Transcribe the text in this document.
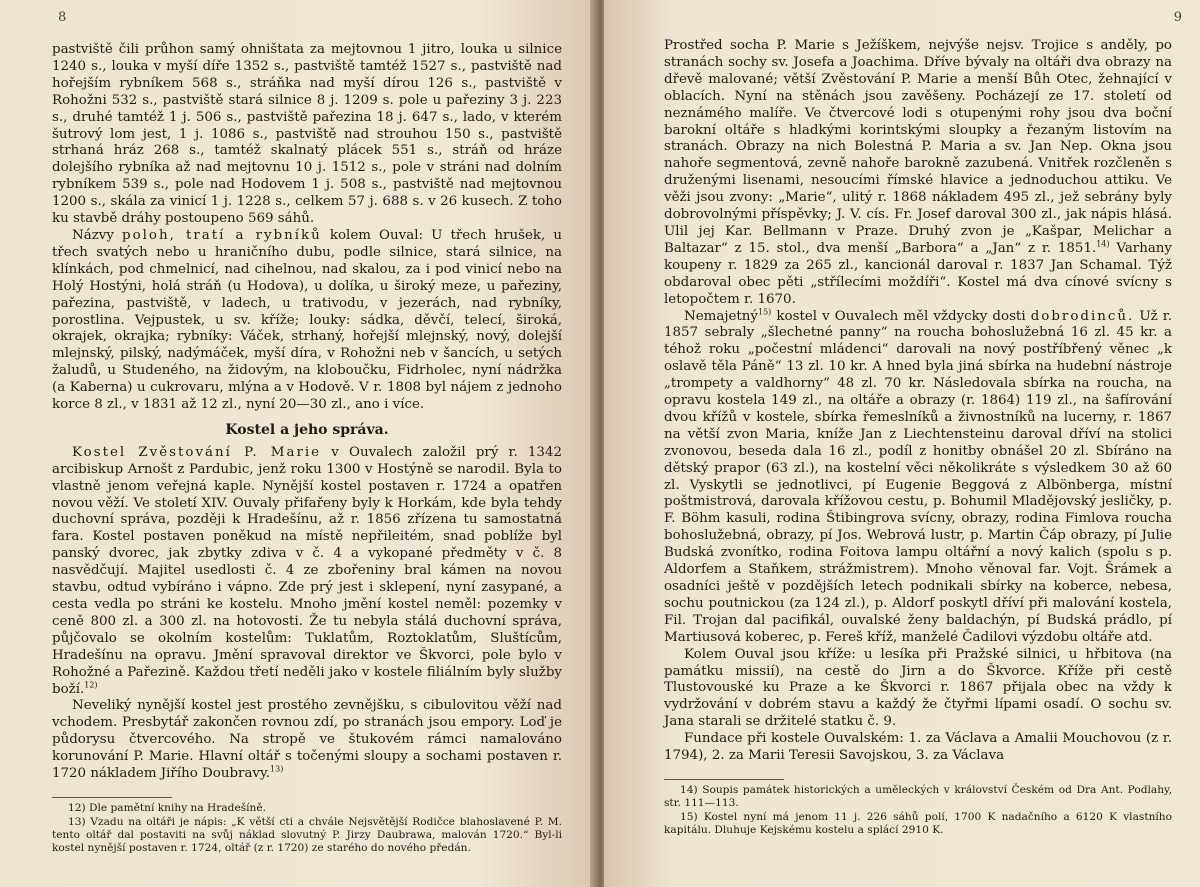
8

pastviště čili průhon samý ohništata za mejtovnou 1 jitro, louka u silnice 1240 s., louka v myší díře 1352 s., pastviště tamtéž 1527 s., pastviště nad hořejším rybníkem 568 s., stráňka nad myší dírou 126 s., pastviště v Rohožni 532 s., pastviště stará silnice 8 j. 1209 s. pole u pařeziny 3 j. 223 s., druhé tamtéž 1 j. 506 s., pastviště pařezina 18 j. 647 s., lado, v kterém šutrový lom jest, 1 j. 1086 s., pastviště nad strouhou 150 s., pastviště strhaná hráz 268 s., tamtéž skalnatý plácek 551 s., stráň od hráze dolejšího rybníka až nad mejtovnu 10 j. 1512 s., pole v stráni nad dolním rybníkem 539 s., pole nad Hodovem 1 j. 508 s., pastviště nad mejtovnou 1200 s., skála za vinicí 1 j. 1228 s., celkem 57 j. 688 s. v 26 kusech. Z toho ku stavbě dráhy postoupeno 569 sáhů.

Názvy poloh, tratí a rybníků kolem Ouval: U třech hrušek, u třech svatých nebo u hraničního dubu, podle silnice, stará silnice, na klínkách, pod chmelnicí, nad cihelnou, nad skalou, za i pod vinicí nebo na Holý Hostýni, holá stráň (u Hodova), u dolíka, u široký meze, u pařeziny, pařezina, pastviště, v ladech, u trativodu, v jezerách, nad rybníky, porostlina. Vejpustek, u sv. kříže; louky: sádka, děvčí, telecí, široká, okrajek, okrajka; rybníky: Váček, strhaný, hořejší mlejnský, nový, dolejší mlejnský, pilský, nadýmáček, myší díra, v Rohožni neb v šancích, u setých žaludů, u Studeného, na židovým, na kloboučku, Fidrholec, nyní nádržka (a Kaberna) u cukrovaru, mlýna a v Hodově. V r. 1808 byl nájem z jednoho korce 8 zl., v 1831 až 12 zl., nyní 20—30 zl., ano i více.

Kostel a jeho správa.

Kostel Zvěstování P. Marie v Ouvalech založil prý r. 1342 arcibiskup Arnošt z Pardubic, jenž roku 1300 v Hostýně se narodil. Byla to vlastně jenom veřejná kaple. Nynější kostel postaven r. 1724 a opatřen novou věží. Ve století XIV. Ouvaly přifařeny byly k Horkám, kde byla tehdy duchovní správa, později k Hradešínu, až r. 1856 zřízena tu samostatná fara. Kostel postaven poněkud na místě nepřileitém, snad poblíže byl panský dvorec, jak zbytky zdiva v č. 4 a vykopané předměty v č. 8 nasvědčují. Majitel usedlosti č. 4 ze zbořeniny bral kámen na novou stavbu, odtud vybíráno i vápno. Zde prý jest i sklepení, nyní zasypané, a cesta vedla po stráni ke kostelu. Mnoho jmění kostel neměl: pozemky v ceně 800 zl. a 300 zl. na hotovosti. Že tu nebyla stálá duchovní správa, půjčovalo se okolním kostelům: Tuklatům, Roztoklatům, Sluštícům, Hradešínu na opravu. Jmění spravoval direktor ve Škvorci, pole bylo v Rohožné a Pařezině. Každou třetí neděli jako v kostele filiálním byly služby boží.$^{12)}$

Neveliký nynější kostel jest prostého zevnějšku, s cibulovitou věží nad vchodem. Presbytář zakončen rovnou zdí, po stranách jsou empory. Loď je půdorysu čtvercového. Na stropě ve štukovém rámci namalováno korunování P. Marie. Hlavní oltář s točenými sloupy a sochami postaven r. 1720 nákladem Jiřího Doubravy.$^{13)}$

12) Dle pamětní knihy na Hradešíně.

13) Vzadu na oltáři je nápis: „K větší cti a chvále Nejsvětější Rodičce blahoslavené P. M. tento oltář dal postaviti na svůj náklad slovutný P. Jirzy Daubrawa, malován 1720.“ Byl-li kostel nynější postaven r. 1724, oltář (z r. 1720) ze starého do nového předán.

9

Prostřed socha P. Marie s Ježíškem, nejvýše nejsv. Trojice s anděly, po stranách sochy sv. Josefa a Joachima. Dříve bývaly na oltáři dva obrazy na dřevě malované; větší Zvěstování P. Marie a menší Bůh Otec, žehnající v oblacích. Nyní na stěnách jsou zavěšeny. Pocházejí ze 17. století od neznámého malíře. Ve čtvercové lodi s otupenými rohy jsou dva boční barokní oltáře s hladkými korintskými sloupky a řezaným listovím na stranách. Obrazy na nich Bolestná P. Maria a sv. Jan Nep. Okna jsou nahoře segmentová, zevně nahoře barokně zazubená. Vnitřek rozčleněn s druženými lisenami, nesoucími římské hlavice a jednoduchou attiku. Ve věži jsou zvony: „Marie“, ulitý r. 1868 nákladem 495 zl., jež sebrány byly dobrovolnými příspěvky; J. V. cís. Fr. Josef daroval 300 zl., jak nápis hlásá. Ulil jej Kar. Bellmann v Praze. Druhý zvon je „Kašpar, Melichar a Baltazar“ z 15. stol., dva menší „Barbora“ a „Jan“ z r. 1851.$^{14)}$ Varhany koupeny r. 1829 za 265 zl., kancionál daroval r. 1837 Jan Schamal. Týž obdaroval obec pěti „střílecími moždíři“. Kostel má dva cínové svícny s letopočtem r. 1670.

Nemajetný$^{15)}$ kostel v Ouvalech měl vždycky dosti dobrodinců. Už r. 1857 sebraly „šlechetné panny“ na roucha bohoslužebná 16 zl. 45 kr. a téhož roku „počestní mládenci“ darovali na nový postříbřený věnec „k oslavě těla Páně“ 13 zl. 10 kr. A hned byla jiná sbírka na hudební nástroje „trompety a valdhorny“ 48 zl. 70 kr. Následovala sbírka na roucha, na opravu kostela 149 zl., na oltáře a obrazy (r. 1864) 119 zl., na šafírování dvou křížů v kostele, sbírka řemeslníků a živnostníků na lucerny, r. 1867 na větší zvon Maria, kníže Jan z Liechtensteinu daroval dříví na stolici zvonovou, beseda dala 16 zl., podíl z honitby obnášel 20 zl. Sbíráno na dětský prapor (63 zl.), na kostelní věci několikráte s výsledkem 30 až 60 zl. Vyskytli se jednotlivci, pí Eugenie Beggová z Albönberga, místní poštmistrová, darovala křížovou cestu, p. Bohumil Mladějovský jesličky, p. F. Böhm kasuli, rodina Štibingrova svícny, obrazy, rodina Fimlova roucha bohoslužebná, obrazy, pí Jos. Webrová lustr, p. Martin Čáp obrazy, pí Julie Budská zvonítko, rodina Foitova lampu oltářní a nový kalich (spolu s p. Aldorfem a Staňkem, strážmistrem). Mnoho věnoval far. Vojt. Šrámek a osadníci ještě v pozdějších letech podnikali sbírky na koberce, nebesa, sochu poutnickou (za 124 zl.), p. Aldorf poskytl dříví při malování kostela, Fil. Trojan dal pacifikál, ouvalské ženy baldachýn, pí Budská prádlo, pí Martiusová koberec, p. Fereš kříž, manželé Čadilovi výzdobu oltáře atd.

Kolem Ouval jsou kříže: u lesíka při Pražské silnici, u hřbitova (na památku missií), na cestě do Jirn a do Škvorce. Kříže při cestě Tlustovouské ku Praze a ke Škvorci r. 1867 přijala obec na vždy k vydržování v dobrém stavu a každý že čtyřmi lípami osadí. O sochu sv. Jana starali se držitelé statku č. 9.

Fundace při kostele Ouvalském: 1. za Václava a Amalii Mouchovou (z r. 1794), 2. za Marii Teresii Savojskou, 3. za Václava

14) Soupis památek historických a uměleckých v království Českém od Dra Ant. Podlahy, str. 111—113.

15) Kostel nyní má jenom 11 j. 226 sáhů polí, 1700 K nadačního a 6120 K vlastního kapitálu. Dluhuje Kejskému kostelu a splácí 2910 K.
